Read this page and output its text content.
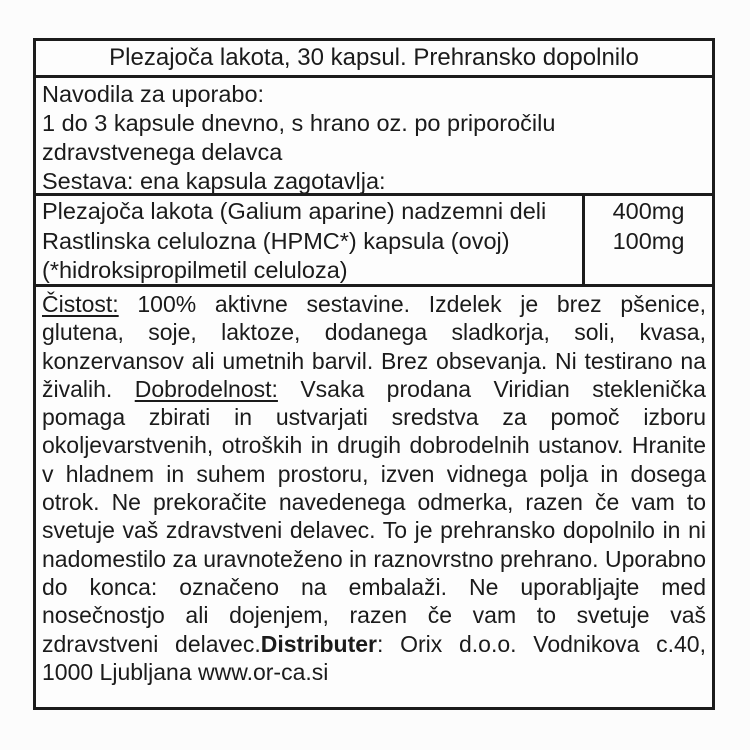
Plezajoča lakota, 30 kapsul. Prehransko dopolnilo
Navodila za uporabo:
1 do 3 kapsule dnevno, s hrano oz. po priporočilu
zdravstvenega delavca
Sestava: ena kapsula zagotavlja:
Plezajoča lakota (Galium aparine) nadzemni deli
Rastlinska celulozna (HPMC*) kapsula (ovoj)
(*hidroksipropilmetil celuloza)
400mg
100mg
Čistost: 100% aktivne sestavine. Izdelek je brez pšenice, glutena, soje, laktoze, dodanega sladkorja, soli, kvasa, konzervansov ali umetnih barvil. Brez obsevanja. Ni testirano na živalih. Dobrodelnost: Vsaka prodana Viridian steklenička pomaga zbirati in ustvarjati sredstva za pomoč izboru okoljevarstvenih, otroških in drugih dobrodelnih ustanov. Hranite v hladnem in suhem prostoru, izven vidnega polja in dosega otrok. Ne prekoračite navedenega odmerka, razen če vam to svetuje vaš zdravstveni delavec. To je prehransko dopolnilo in ni nadomestilo za uravnoteženo in raznovrstno prehrano. Uporabno do konca: označeno na embalaži. Ne uporabljajte med nosečnostjo ali dojenjem, razen če vam to svetuje vaš zdravstveni delavec.Distributer: Orix d.o.o. Vodnikova c.40, 1000 Ljubljana www.or-ca.si
